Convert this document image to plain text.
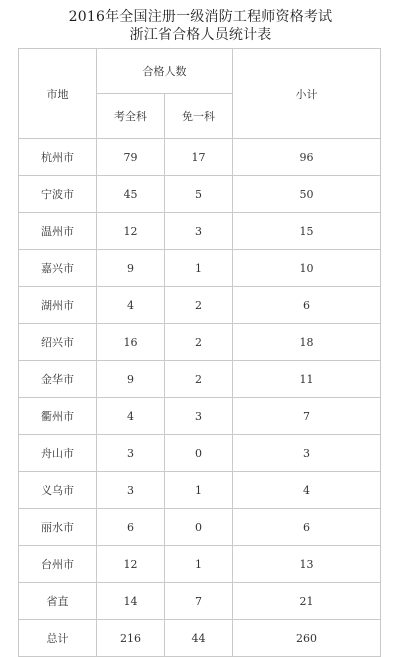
2016年全国注册一级消防工程师资格考试
浙江省合格人员统计表
市地	合格人数		小计
	考全科	免一科	
杭州市	79	17	96
宁波市	45	5	50
温州市	12	3	15
嘉兴市	9	1	10
湖州市	4	2	6
绍兴市	16	2	18
金华市	9	2	11
衢州市	4	3	7
舟山市	3	0	3
义乌市	3	1	4
丽水市	6	0	6
台州市	12	1	13
省直	14	7	21
总计	216	44	260
